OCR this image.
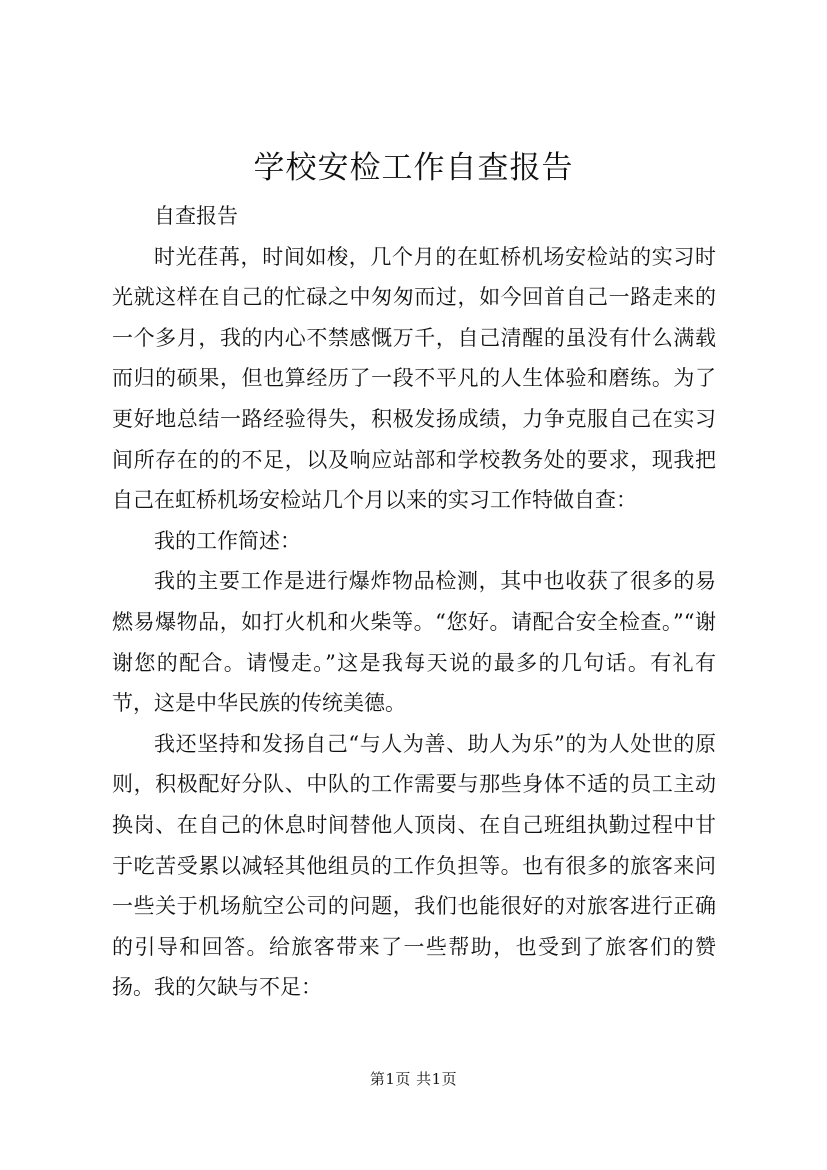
学校安检工作自查报告

自查报告

时光荏苒，时间如梭，几个月的在虹桥机场安检站的实习时光就这样在自己的忙碌之中匆匆而过，如今回首自己一路走来的一个多月，我的内心不禁感慨万千，自己清醒的虽没有什么满载而归的硕果，但也算经历了一段不平凡的人生体验和磨练。为了更好地总结一路经验得失，积极发扬成绩，力争克服自己在实习间所存在的的不足，以及响应站部和学校教务处的要求，现我把自己在虹桥机场安检站几个月以来的实习工作特做自查：

我的工作简述：

我的主要工作是进行爆炸物品检测，其中也收获了很多的易燃易爆物品，如打火机和火柴等。“您好。请配合安全检查。”“谢谢您的配合。请慢走。”这是我每天说的最多的几句话。有礼有节，这是中华民族的传统美德。

我还坚持和发扬自己“与人为善、助人为乐”的为人处世的原则，积极配好分队、中队的工作需要与那些身体不适的员工主动换岗、在自己的休息时间替他人顶岗、在自己班组执勤过程中甘于吃苦受累以减轻其他组员的工作负担等。也有很多的旅客来问一些关于机场航空公司的问题，我们也能很好的对旅客进行正确的引导和回答。给旅客带来了一些帮助，也受到了旅客们的赞扬。我的欠缺与不足：

第1页 共1页
